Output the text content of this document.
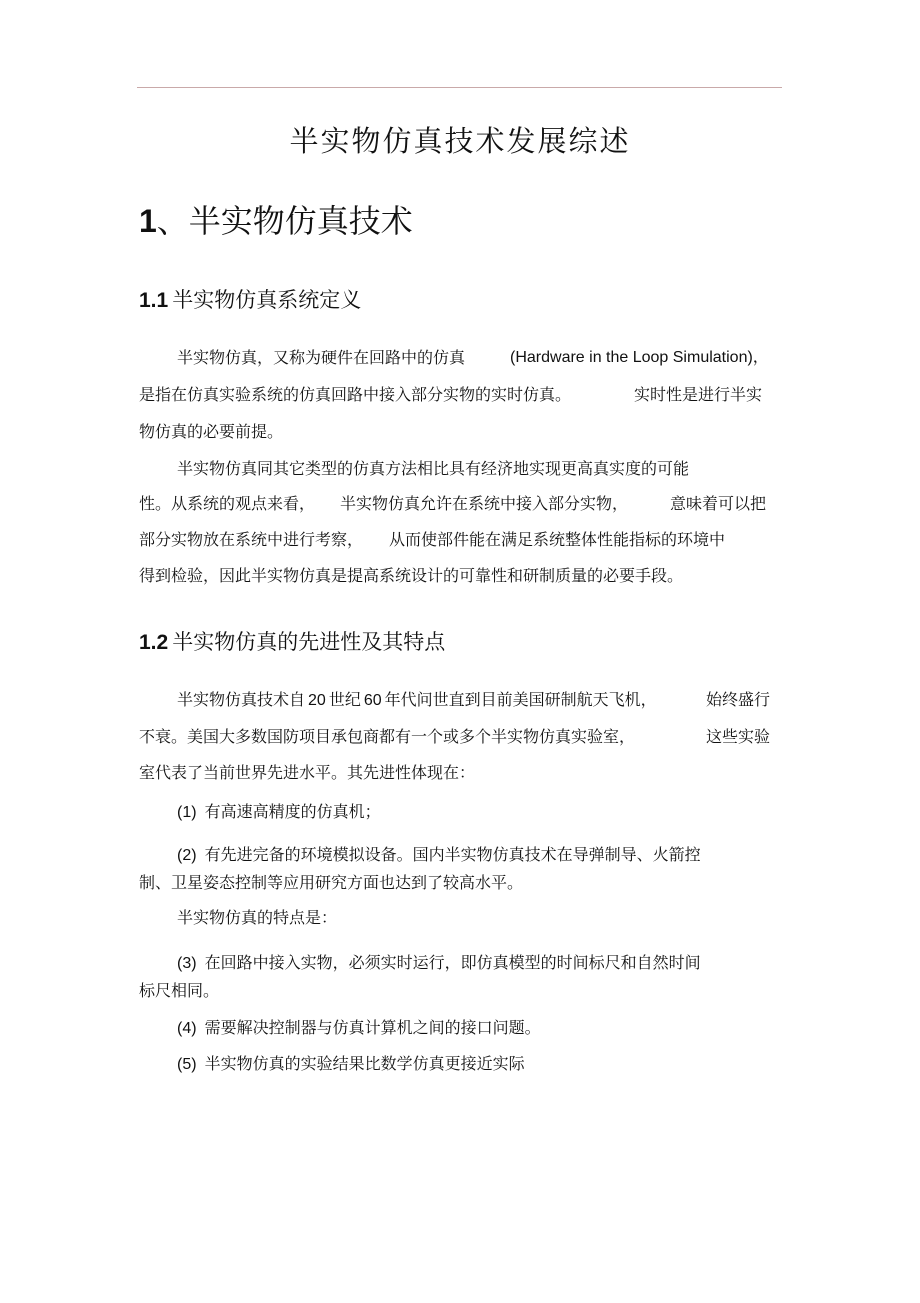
半实物仿真技术发展综述
1、半实物仿真技术
1.1 半实物仿真系统定义
半实物仿真，又称为硬件在回路中的仿真	(Hardware in the Loop Simulation)，
是指在仿真实验系统的仿真回路中接入部分实物的实时仿真。	实时性是进行半实
物仿真的必要前提。
半实物仿真同其它类型的仿真方法相比具有经济地实现更高真实度的可能
性。从系统的观点来看， 半实物仿真允许在系统中接入部分实物，	意味着可以把
部分实物放在系统中进行考察， 从而使部件能在满足系统整体性能指标的环境中
得到检验，因此半实物仿真是提高系统设计的可靠性和研制质量的必要手段。
1.2 半实物仿真的先进性及其特点
半实物仿真技术自 20 世纪 60 年代问世直到目前美国研制航天飞机，	始终盛行
不衰。美国大多数国防项目承包商都有一个或多个半实物仿真实验室，	这些实验
室代表了当前世界先进水平。其先进性体现在：
(1) 有高速高精度的仿真机；
(2) 有先进完备的环境模拟设备。国内半实物仿真技术在导弹制导、火箭控
制、卫星姿态控制等应用研究方面也达到了较高水平。
半实物仿真的特点是：
(3) 在回路中接入实物，必须实时运行，即仿真模型的时间标尺和自然时间
标尺相同。
(4) 需要解决控制器与仿真计算机之间的接口问题。
(5) 半实物仿真的实验结果比数学仿真更接近实际
